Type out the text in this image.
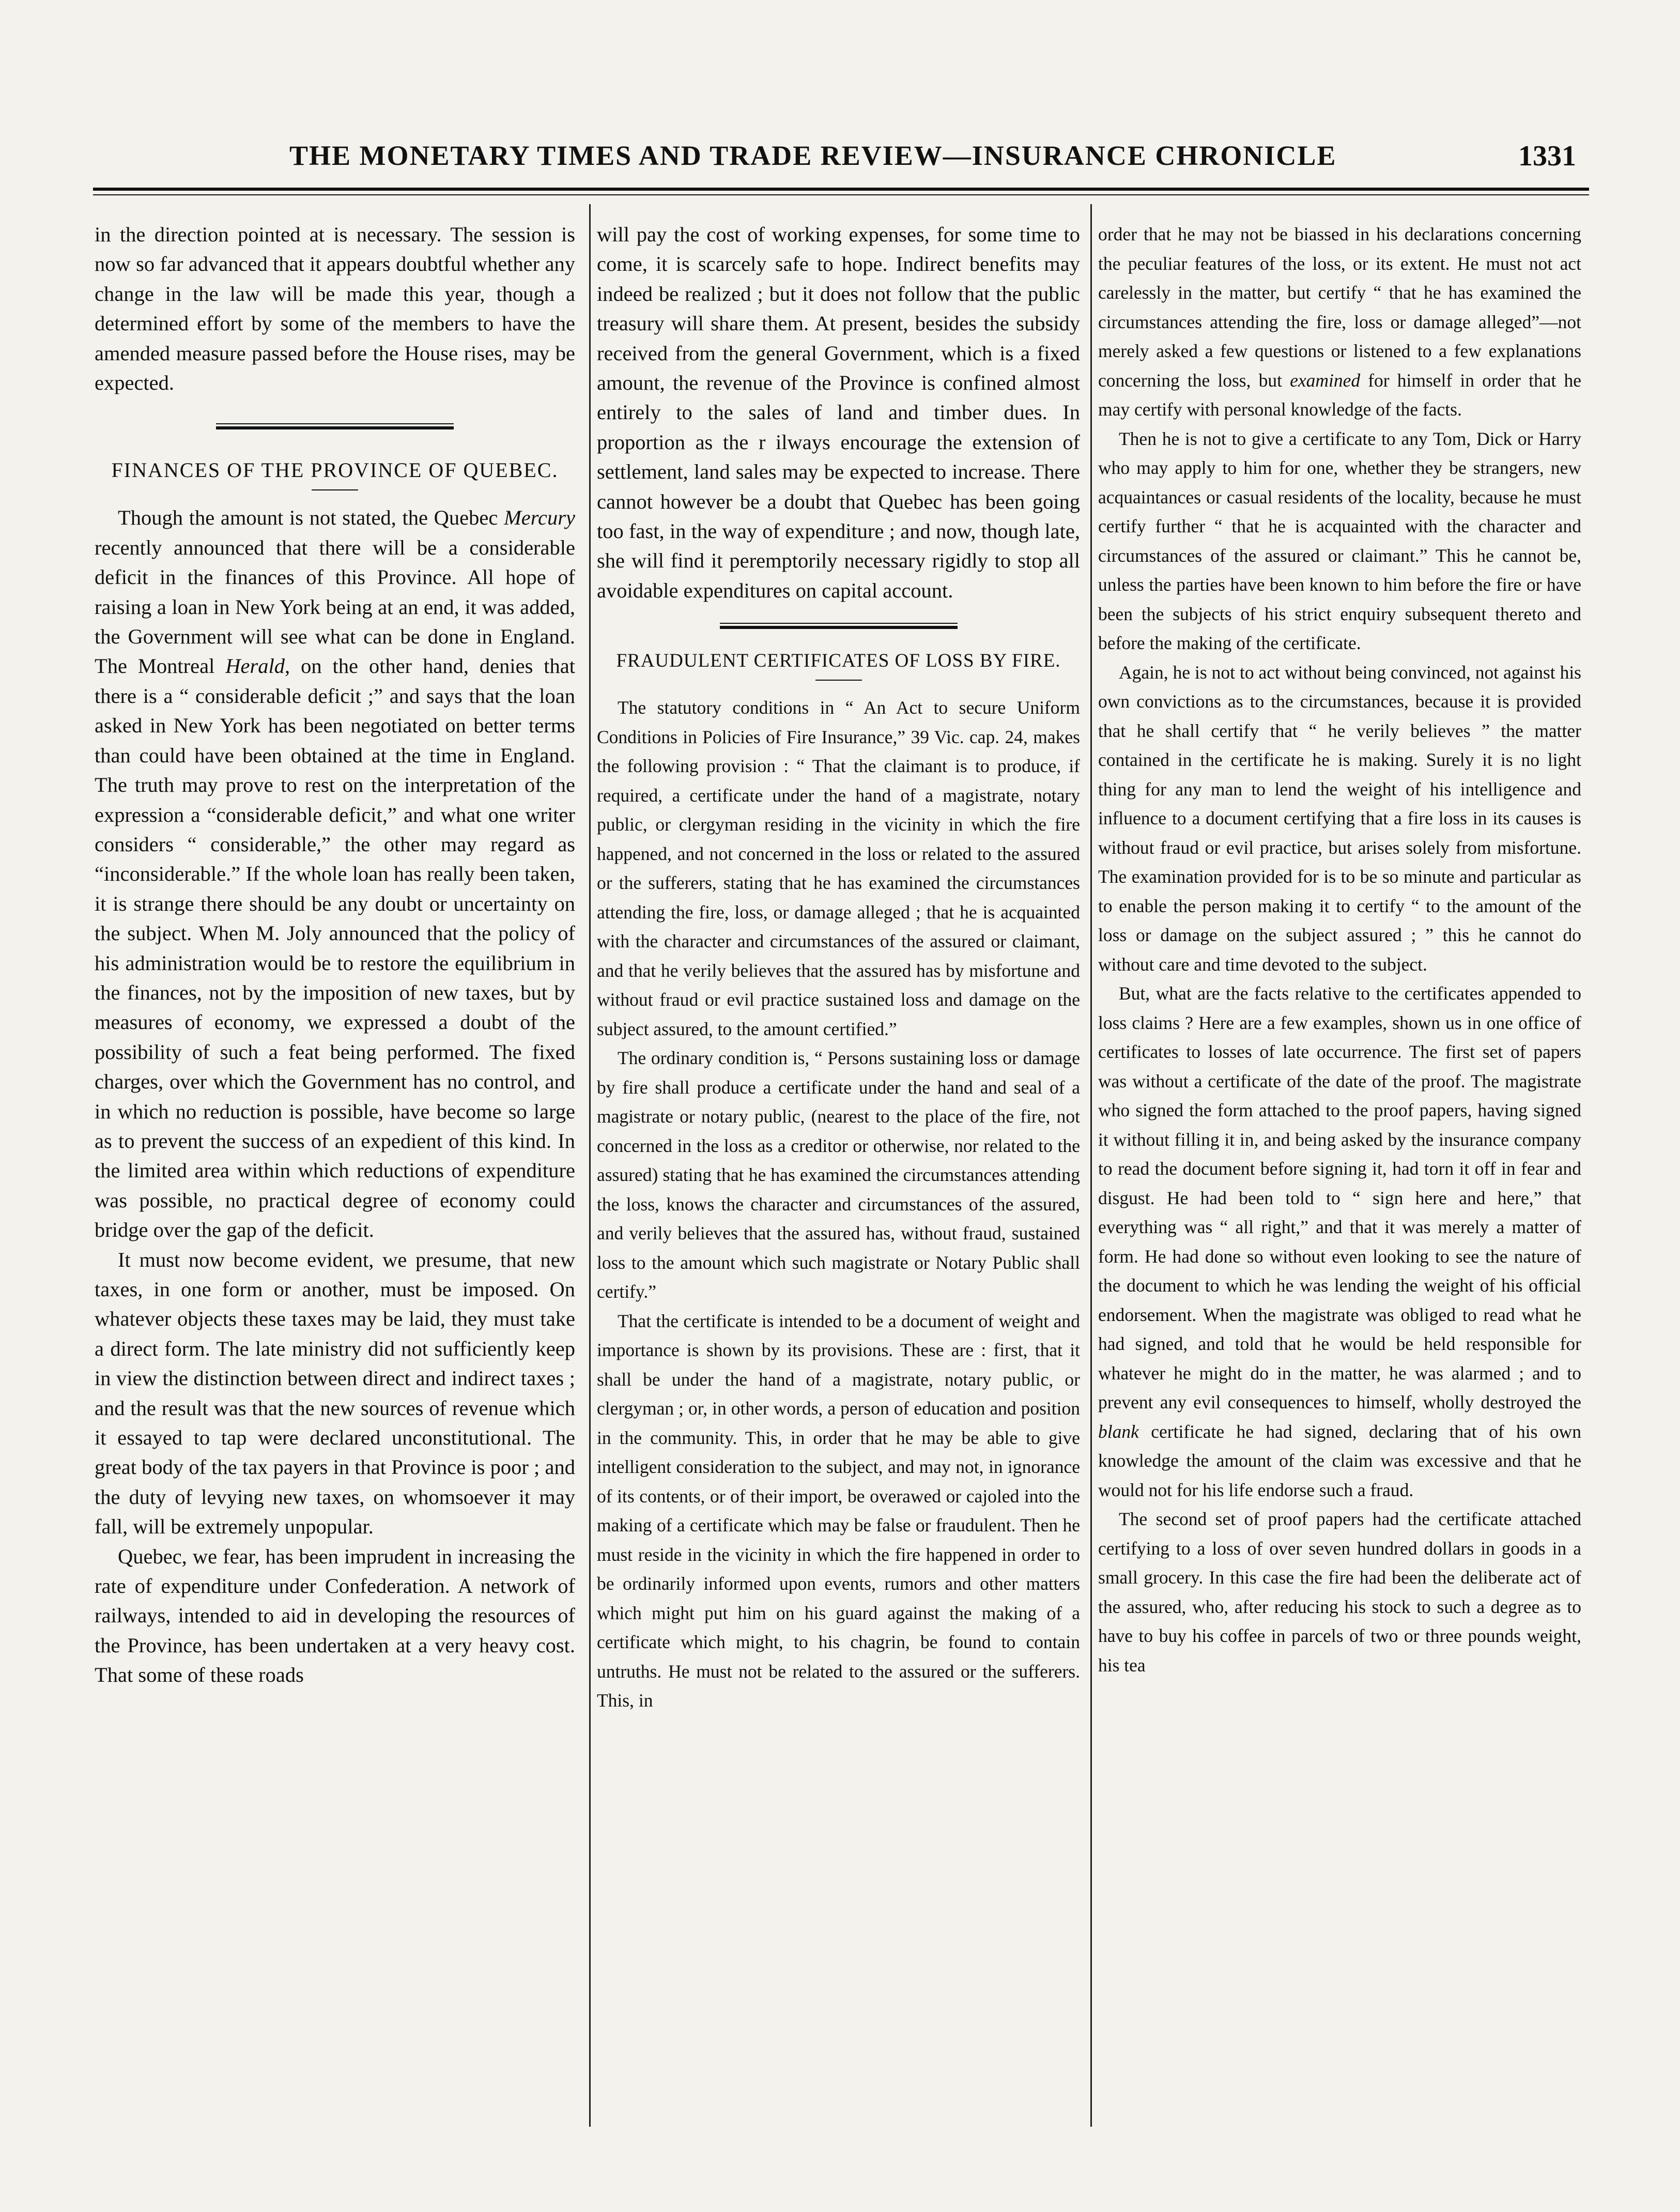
THE MONETARY TIMES AND TRADE REVIEW—INSURANCE CHRONICLE	1331

in the direction pointed at is necessary. The session is now so far advanced that it appears doubtful whether any change in the law will be made this year, though a determined effort by some of the members to have the amended measure passed before the House rises, may be expected.

FINANCES OF THE PROVINCE OF QUEBEC.

Though the amount is not stated, the Quebec Mercury recently announced that there will be a considerable deficit in the finances of this Province. All hope of raising a loan in New York being at an end, it was added, the Government will see what can be done in England. The Montreal Herald, on the other hand, denies that there is a “ considerable deficit ;” and says that the loan asked in New York has been negotiated on better terms than could have been obtained at the time in England. The truth may prove to rest on the interpretation of the expression a “considerable deficit,” and what one writer considers “ considerable,” the other may regard as “inconsiderable.” If the whole loan has really been taken, it is strange there should be any doubt or uncertainty on the subject. When M. Joly announced that the policy of his administration would be to restore the equilibrium in the finances, not by the imposition of new taxes, but by measures of economy, we expressed a doubt of the possibility of such a feat being performed. The fixed charges, over which the Government has no control, and in which no reduction is possible, have become so large as to prevent the success of an expedient of this kind. In the limited area within which reductions of expenditure was possible, no practical degree of economy could bridge over the gap of the deficit.

It must now become evident, we presume, that new taxes, in one form or another, must be imposed. On whatever objects these taxes may be laid, they must take a direct form. The late ministry did not sufficiently keep in view the distinction between direct and indirect taxes ; and the result was that the new sources of revenue which it essayed to tap were declared unconstitutional. The great body of the tax payers in that Province is poor ; and the duty of levying new taxes, on whomsoever it may fall, will be extremely unpopular.

Quebec, we fear, has been imprudent in increasing the rate of expenditure under Confederation. A network of railways, intended to aid in developing the resources of the Province, has been undertaken at a very heavy cost. That some of these roads

will pay the cost of working expenses, for some time to come, it is scarcely safe to hope. Indirect benefits may indeed be realized ; but it does not follow that the public treasury will share them. At present, besides the subsidy received from the general Government, which is a fixed amount, the revenue of the Province is confined almost entirely to the sales of land and timber dues. In proportion as the r ilways encourage the extension of settlement, land sales may be expected to increase. There cannot however be a doubt that Quebec has been going too fast, in the way of expenditure ; and now, though late, she will find it peremptorily necessary rigidly to stop all avoidable expenditures on capital account.

FRAUDULENT CERTIFICATES OF LOSS BY FIRE.

The statutory conditions in “ An Act to secure Uniform Conditions in Policies of Fire Insurance,” 39 Vic. cap. 24, makes the following provision : “ That the claimant is to produce, if required, a certificate under the hand of a magistrate, notary public, or clergyman residing in the vicinity in which the fire happened, and not concerned in the loss or related to the assured or the sufferers, stating that he has examined the circumstances attending the fire, loss, or damage alleged ; that he is acquainted with the character and circumstances of the assured or claimant, and that he verily believes that the assured has by misfortune and without fraud or evil practice sustained loss and damage on the subject assured, to the amount certified.”

The ordinary condition is, “ Persons sustaining loss or damage by fire shall produce a certificate under the hand and seal of a magistrate or notary public, (nearest to the place of the fire, not concerned in the loss as a creditor or otherwise, nor related to the assured) stating that he has examined the circumstances attending the loss, knows the character and circumstances of the assured, and verily believes that the assured has, without fraud, sustained loss to the amount which such magistrate or Notary Public shall certify.”

That the certificate is intended to be a document of weight and importance is shown by its provisions. These are : first, that it shall be under the hand of a magistrate, notary public, or clergyman ; or, in other words, a person of education and position in the community. This, in order that he may be able to give intelligent consideration to the subject, and may not, in ignorance of its contents, or of their import, be overawed or cajoled into the making of a certificate which may be false or fraudulent. Then he must reside in the vicinity in which the fire happened in order to be ordinarily informed upon events, rumors and other matters which might put him on his guard against the making of a certificate which might, to his chagrin, be found to contain untruths. He must not be related to the assured or the sufferers. This, in

order that he may not be biassed in his declarations concerning the peculiar features of the loss, or its extent. He must not act carelessly in the matter, but certify “ that he has examined the circumstances attending the fire, loss or damage alleged”—not merely asked a few questions or listened to a few explanations concerning the loss, but examined for himself in order that he may certify with personal knowledge of the facts.

Then he is not to give a certificate to any Tom, Dick or Harry who may apply to him for one, whether they be strangers, new acquaintances or casual residents of the locality, because he must certify further “ that he is acquainted with the character and circumstances of the assured or claimant.” This he cannot be, unless the parties have been known to him before the fire or have been the subjects of his strict enquiry subsequent thereto and before the making of the certificate.

Again, he is not to act without being convinced, not against his own convictions as to the circumstances, because it is provided that he shall certify that “ he verily believes ” the matter contained in the certificate he is making. Surely it is no light thing for any man to lend the weight of his intelligence and influence to a document certifying that a fire loss in its causes is without fraud or evil practice, but arises solely from misfortune. The examination provided for is to be so minute and particular as to enable the person making it to certify “ to the amount of the loss or damage on the subject assured ; ” this he cannot do without care and time devoted to the subject.

But, what are the facts relative to the certificates appended to loss claims ? Here are a few examples, shown us in one office of certificates to losses of late occurrence. The first set of papers was without a certificate of the date of the proof. The magistrate who signed the form attached to the proof papers, having signed it without filling it in, and being asked by the insurance company to read the document before signing it, had torn it off in fear and disgust. He had been told to “ sign here and here,” that everything was “ all right,” and that it was merely a matter of form. He had done so without even looking to see the nature of the document to which he was lending the weight of his official endorsement. When the magistrate was obliged to read what he had signed, and told that he would be held responsible for whatever he might do in the matter, he was alarmed ; and to prevent any evil consequences to himself, wholly destroyed the blank certificate he had signed, declaring that of his own knowledge the amount of the claim was excessive and that he would not for his life endorse such a fraud.

The second set of proof papers had the certificate attached certifying to a loss of over seven hundred dollars in goods in a small grocery. In this case the fire had been the deliberate act of the assured, who, after reducing his stock to such a degree as to have to buy his coffee in parcels of two or three pounds weight, his tea
